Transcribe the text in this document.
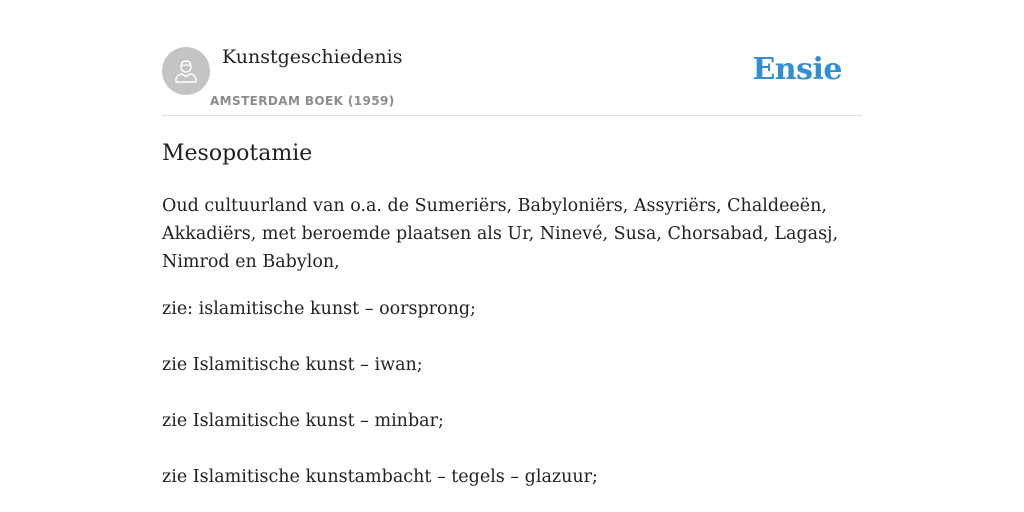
Kunstgeschiedenis
AMSTERDAM BOEK (1959)
Ensie
Mesopotamie

Oud cultuurland van o.a. de Sumeriërs, Babyloniërs, Assyriërs, Chaldeeën, Akkadiërs, met beroemde plaatsen als Ur, Ninevé, Susa, Chorsabad, Lagasj, Nimrod en Babylon,

zie: islamitische kunst – oorsprong;
zie Islamitische kunst – iwan;
zie Islamitische kunst – minbar;
zie Islamitische kunstambacht – tegels – glazuur;
